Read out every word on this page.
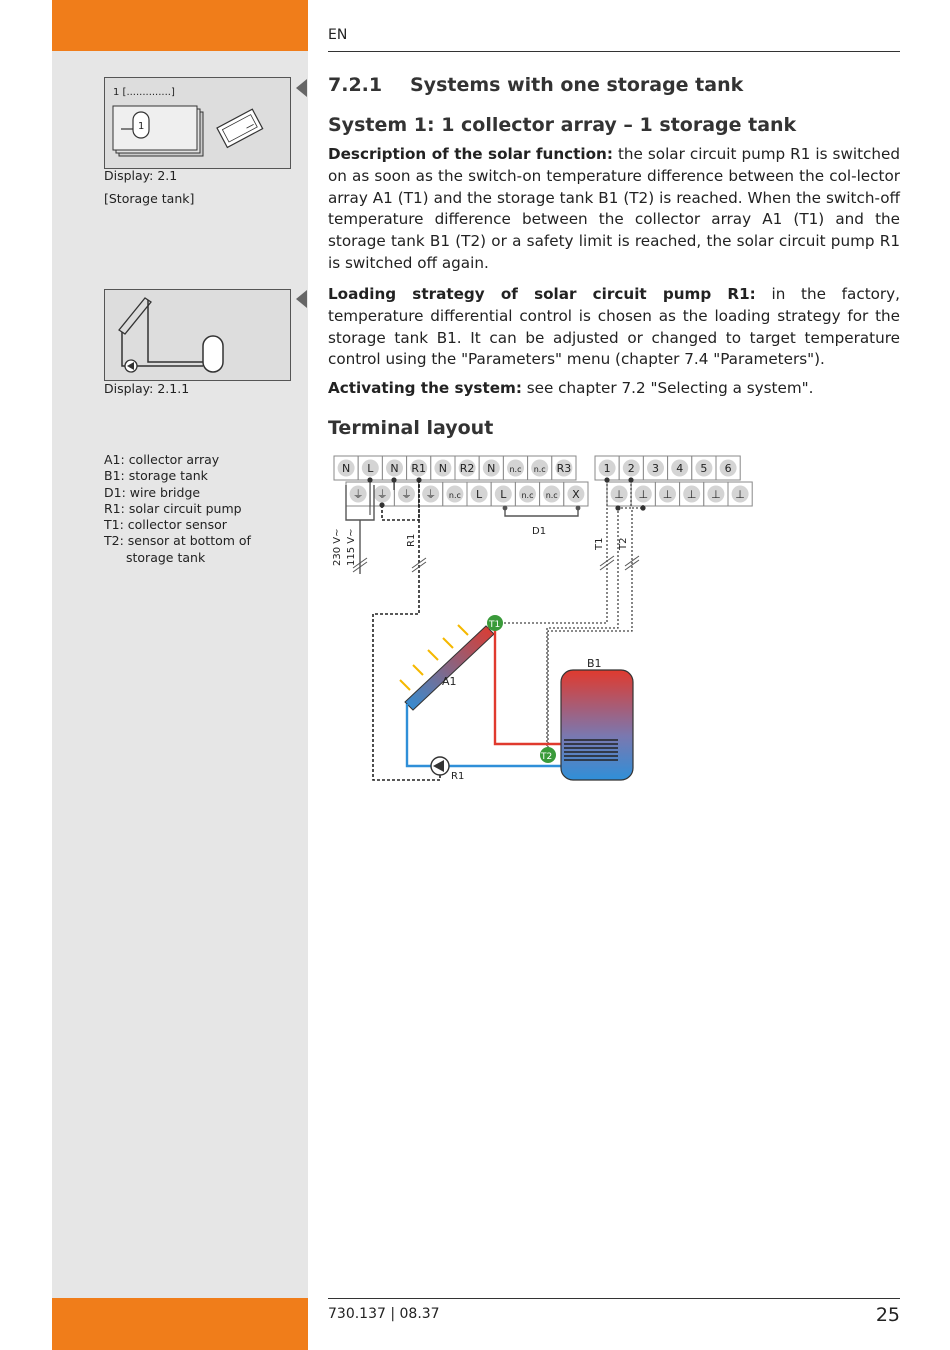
EN
1 [..............]
1
Display: 2.1
[Storage tank]
Display: 2.1.1
A1: collector array
B1: storage tank
D1: wire bridge
R1: solar circuit pump
T1: collector sensor
T2: sensor at bottom of
storage tank
7.2.1 Systems with one storage tank
System 1: 1 collector array – 1 storage tank
Description of the solar function: the solar circuit pump R1 is switched on as soon as the switch-on temperature difference between the col-lector array A1 (T1) and the storage tank B1 (T2) is reached. When the switch-off temperature difference between the collector array A1 (T1) and the storage tank B1 (T2) or a safety limit is reached, the solar circuit pump R1 is switched off again.
Loading strategy of solar circuit pump R1: in the factory, temperature differential control is chosen as the loading strategy for the storage tank B1. It can be adjusted or changed to target temperature control using the "Parameters" menu (chapter 7.4 "Parameters").
Activating the system: see chapter 7.2 "Selecting a system".
Terminal layout
N L N R1 N R2 N n.c n.c R3
⏚ ⏚ ⏚ ⏚ n.c L L n.c n.c X
1 2 3 4 5 6
⊥ ⊥ ⊥ ⊥ ⊥ ⊥
R1
230 V~ 115 V~	D1
T1 T2
A1
R1
B1
T1
T2
730.137 | 08.37	25
